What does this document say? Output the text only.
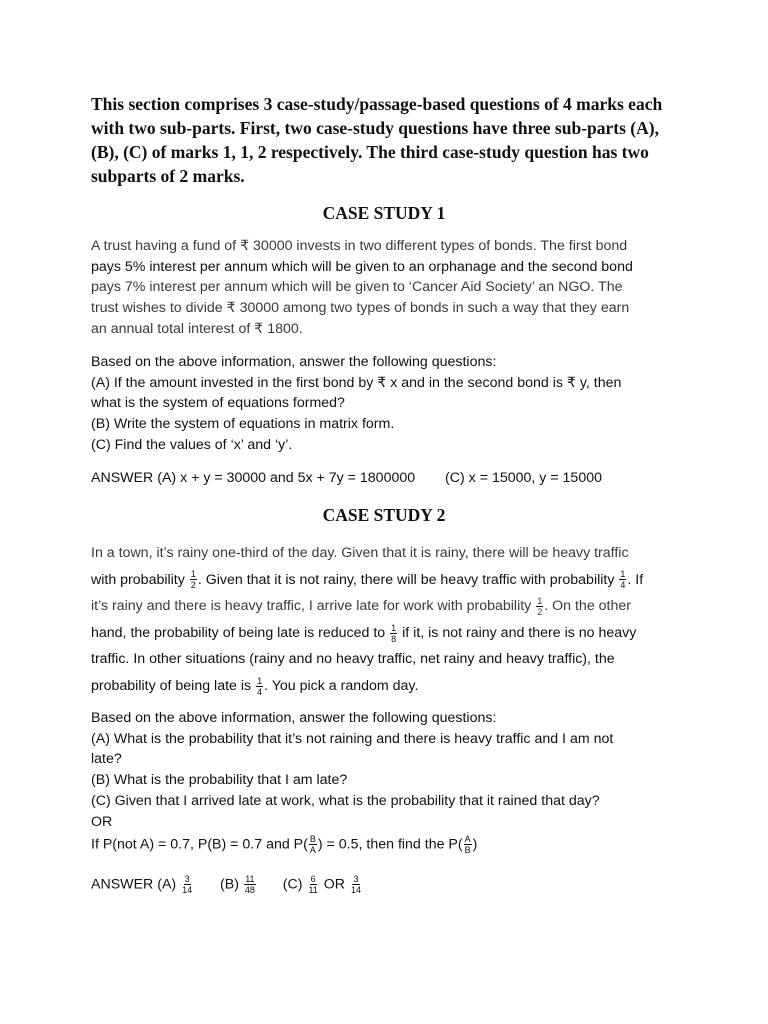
This section comprises 3 case-study/passage-based questions of 4 marks each with two sub-parts. First, two case-study questions have three sub-parts (A), (B), (C) of marks 1, 1, 2 respectively. The third case-study question has two subparts of 2 marks.
CASE STUDY 1
A trust having a fund of ₹ 30000 invests in two different types of bonds. The first bond
pays 5% interest per annum which will be given to an orphanage and the second bond
pays 7% interest per annum which will be given to ‘Cancer Aid Society’ an NGO. The
trust wishes to divide ₹ 30000 among two types of bonds in such a way that they earn
an annual total interest of ₹ 1800.
Based on the above information, answer the following questions:
(A) If the amount invested in the first bond by ₹ x and in the second bond is ₹ y, then
what is the system of equations formed?
(B) Write the system of equations in matrix form.
(C) Find the values of ‘x’ and ‘y’.
ANSWER (A) x + y = 30000 and 5x + 7y = 1800000 (C) x = 15000, y = 15000
CASE STUDY 2
In a town, it’s rainy one-third of the day. Given that it is rainy, there will be heavy traffic
with probability $\frac{1}{2}$ . Given that it is not rainy, there will be heavy traffic with probability $\frac{1}{4}$ . If
it’s rainy and there is heavy traffic, I arrive late for work with probability $\frac{1}{2}$ . On the other
hand, the probability of being late is reduced to $\frac{1}{8}$ if it, is not rainy and there is no heavy
traffic. In other situations (rainy and no heavy traffic, net rainy and heavy traffic), the
probability of being late is $\frac{1}{4}$ . You pick a random day.
Based on the above information, answer the following questions:
(A) What is the probability that it’s not raining and there is heavy traffic and I am not
late?
(B) What is the probability that I am late?
(C) Given that I arrived late at work, what is the probability that it rained that day?
OR
If P(not A) = 0.7, P(B) = 0.7 and $P( \frac{B}{A}$ ) = 0.5, then find the $P( \frac{A}{B}$ )
ANSWER $(A) \frac{3}{14} (B) \frac{11}{48} (C) \frac{6}{11}$ OR $\frac{3}{14}$
